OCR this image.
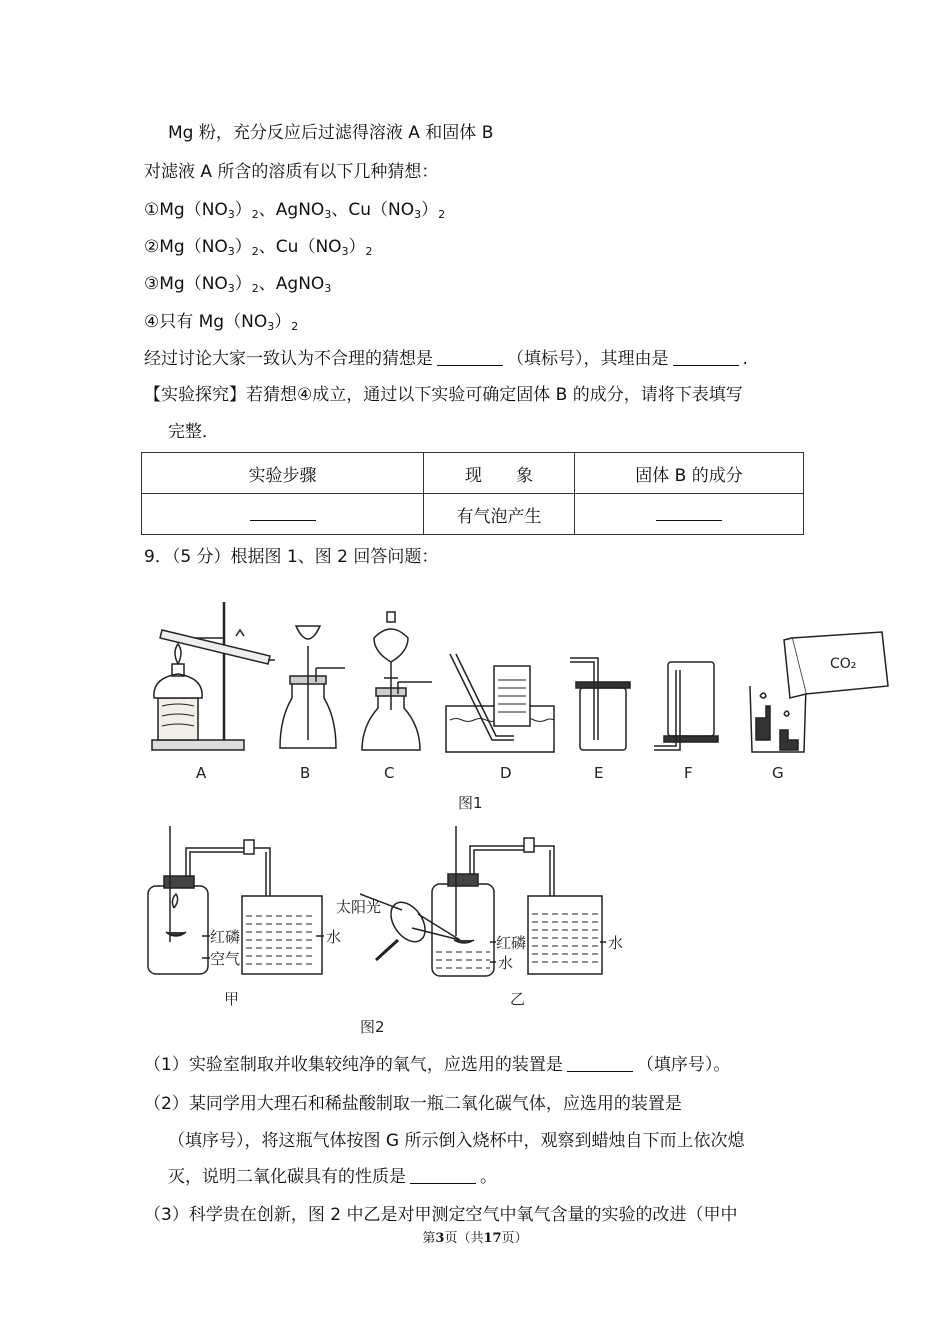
Mg 粉，充分反应后过滤得溶液 A 和固体 B
对滤液 A 所含的溶质有以下几种猜想：
$①Mg(NO_3)_2$、AgNO$_3$、$Cu(NO_3)_2$
$②Mg(NO_3)_2$、$Cu(NO_3)_2$
$③Mg(NO_3)_2$、AgNO$_3$
④只有 $Mg(NO_3)_2$
经过讨论大家一致认为不合理的猜想是	（填标号），其理由是	.
【实验探究】若猜想④成立，通过以下实验可确定固体 B 的成分，请将下表填写
完整．
实验步骤	现　　象	固体 B 的成分
	有气泡产生	
9．（5 分）根据图 1、图 2 回答问题：
A	B	C	D	E	F
CO₂
G
图1
红磷
空气
水
甲
太阳光
红磷
水
水
乙
图2
（1）实验室制取并收集较纯净的氧气，应选用的装置是	（填序号）。
（2）某同学用大理石和稀盐酸制取一瓶二氧化碳气体，应选用的装置是
（填序号），将这瓶气体按图 G 所示倒入烧杯中，观察到蜡烛自下而上依次熄
灭，说明二氧化碳具有的性质是	。
（3）科学贵在创新，图 2 中乙是对甲测定空气中氧气含量的实验的改进（甲中
第3页（共17页）
